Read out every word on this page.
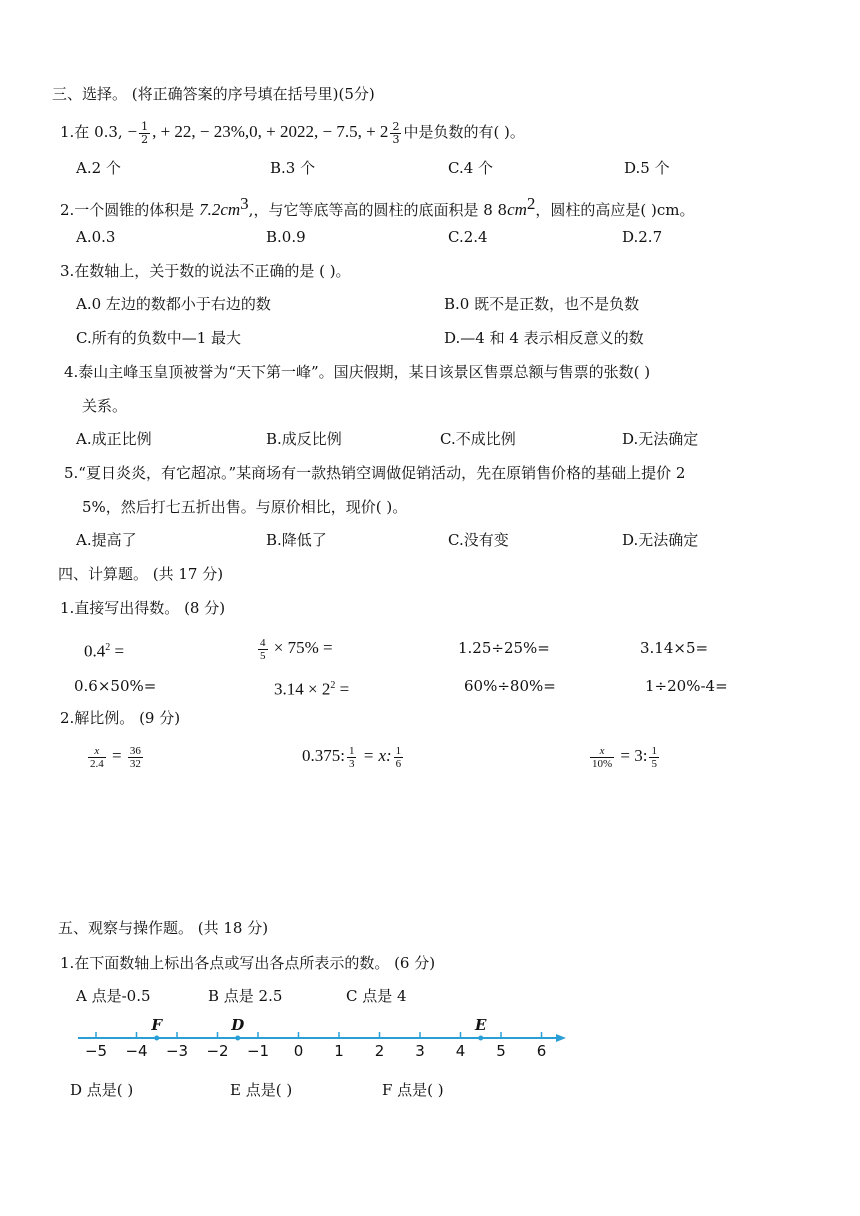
三、选择。 (将正确答案的序号填在括号里)(5分)
1.在 0.3, − $\frac{1}{2}$ , + 22, − 23%,0, + 2022, − 7.5, + $2 \frac{2}{3}$ 中是负数的有( )。
A.2 个	B.3 个	C.4 个	D.5 个
2.一个圆锥的体积是 $7.2cm^3$,，与它等底等高的圆柱的底面积是 8 $8cm^2$，圆柱的高应是( )cm。
A.0.3	B.0.9	C.2.4	D.2.7
3.在数轴上，关于数的说法不正确的是 ( )。
A.0 左边的数都小于右边的数	B.0 既不是正数，也不是负数
C.所有的负数中—1 最大	D.—4 和 4 表示相反意义的数
4.泰山主峰玉皇顶被誉为“天下第一峰”。国庆假期，某日该景区售票总额与售票的张数( )
关系。
A.成正比例	B.成反比例	C.不成比例	D.无法确定
5.“夏日炎炎，有它超凉。”某商场有一款热销空调做促销活动，先在原销售价格的基础上提价 2
5%，然后打七五折出售。与原价相比，现价( )。
A.提高了	B.降低了	C.没有变	D.无法确定
四、计算题。 (共 17 分)
1.直接写出得数。 (8 分)
$0.4^2$ =	$\frac{4}{5} \times 75\%$ =	1.25÷25%=	3.14×5=
0.6×50%=	$3.14 \times 2^2$ =	60%÷80%=	1÷20%-4=
2.解比例。 (9 分)
$\frac{x}{2.4} = \frac{36}{32}$	0.375: $\frac{1}{3} = x$: $\frac{1}{6}$	$\frac{x}{10\%} = 3$: $\frac{1}{5}$
五、观察与操作题。 (共 18 分)
1.在下面数轴上标出各点或写出各点所表示的数。 (6 分)
A 点是-0.5	B 点是 2.5	C 点是 4
−5 −4 −3 −2 −1 0 1 2 3 4 5 6
F	D	E
D 点是( )	E 点是( )	F 点是( )
